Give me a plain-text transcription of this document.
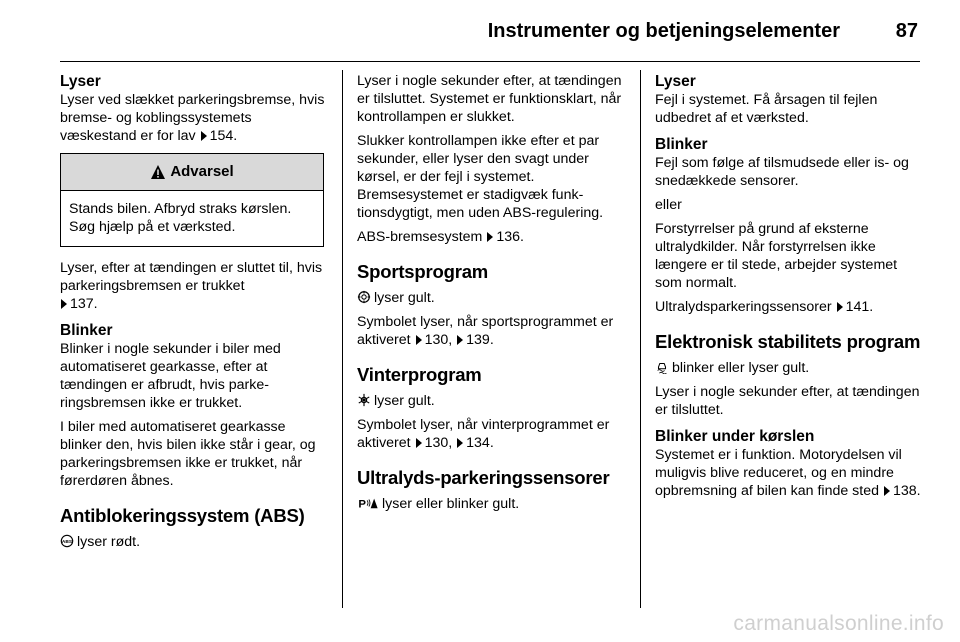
Instrumenter og betjeningselementer	87
Lyser

Lyser ved slækket parkeringsbremse, hvis bremse- og koblingssystemets væskestand er for lav 154.

Advarsel
Stands bilen. Afbryd straks kørslen. Søg hjælp på et værksted.

Lyser, efter at tændingen er sluttet til, hvis parkeringsbremsen er trukket
137.

Blinker

Blinker i nogle sekunder i biler med automatiseret gearkasse, efter at tændingen er afbrudt, hvis parkeringsbremsen ikke er trukket.

I biler med automatiseret gearkasse blinker den, hvis bilen ikke står i gear, og parkeringsbremsen ikke er trukket, når førerdøren åbnes.

Antiblokeringssystem (ABS)

ABS lyser rødt.

Lyser i nogle sekunder efter, at tændingen er tilsluttet. Systemet er funktionsklart, når kontrollampen er slukket.

Slukker kontrollampen ikke efter et par sekunder, eller lyser den svagt under kørsel, er der fejl i systemet. Bremsesystemet er stadigvæk funktionsdygtigt, men uden ABS-regulering.

ABS-bremsesystem 136.

Sportsprogram

lyser gult.

Symbolet lyser, når sportsprogrammet er aktiveret 130, 139.

Vinterprogram

lyser gult.

Symbolet lyser, når vinterprogrammet er aktiveret 130, 134.

Ultralyds-parkeringssensorer

P lyser eller blinker gult.

Lyser

Fejl i systemet. Få årsagen til fejlen udbedret af et værksted.

Blinker

Fejl som følge af tilsmudsede eller is- og snedækkede sensorer.

eller

Forstyrrelser på grund af eksterne ultralydkilder. Når forstyrrelsen ikke længere er til stede, arbejder systemet som normalt.

Ultralydsparkeringssensorer 141.

Elektronisk stabilitets program

blinker eller lyser gult.

Lyser i nogle sekunder efter, at tændingen er tilsluttet.

Blinker under kørslen

Systemet er i funktion. Motorydelsen vil muligvis blive reduceret, og en mindre opbremsning af bilen kan finde sted 138.

carmanualsonline.info
